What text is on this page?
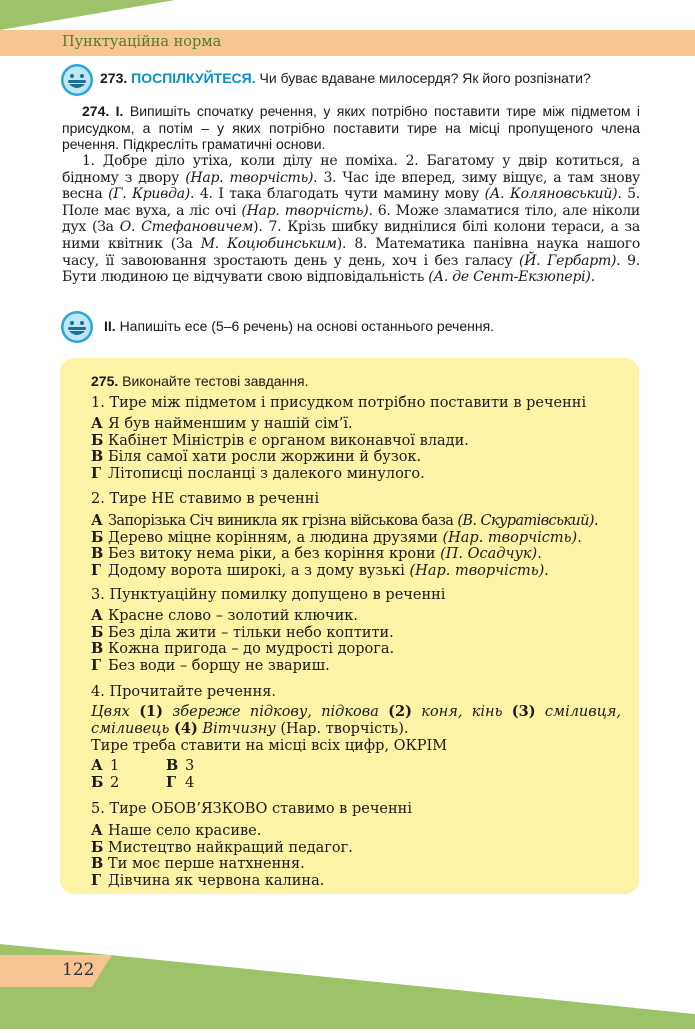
Пунктуаційна норма
273. ПОСПІЛКУЙТЕСЯ. Чи буває вдаване милосердя? Як його розпізнати?
274. I. Випишіть спочатку речення, у яких потрібно поставити тире між підметом і присудком, а потім – у яких потрібно поставити тире на місці пропущеного члена речення. Підкресліть граматичні основи.
1. Добре діло утіха, коли ділу не поміха. 2. Багатому у двір котиться, а бідному з двору (Нар. творчість). 3. Час іде вперед, зиму віщує, а там знову весна (Г. Кривда). 4. І така благодать чути мамину мову (А. Коляновський). 5. Поле має вуха, а ліс очі (Нар. творчість). 6. Може зламатися тіло, але ніколи дух (За О. Стефановичем). 7. Крізь шибку виднілися білі колони тераси, а за ними квітник (За М. Коцюбинським). 8. Математика панівна наука нашого часу, її завоювання зростають день у день, хоч і без галасу (Й. Гербарт). 9. Бути людиною це відчувати свою відповідальність (А. де Сент-Екзюпері).
II. Напишіть есе (5–6 речень) на основі останнього речення.
275. Виконайте тестові завдання.
1. Тире між підметом і присудком потрібно поставити в реченні
А Я був найменшим у нашій сім’ї.
Б Кабінет Міністрів є органом виконавчої влади.
В Біля самої хати росли жоржини й бузок.
Г Літописці посланці з далекого минулого.
2. Тире НЕ ставимо в реченні
А Запорізька Січ виникла як грізна військова база (В. Скуратівський).
Б Дерево міцне корінням, а людина друзями (Нар. творчість).
В Без витоку нема ріки, а без коріння крони (П. Осадчук).
Г Додому ворота широкі, а з дому вузькі (Нар. творчість).
3. Пунктуаційну помилку допущено в реченні
А Красне слово – золотий ключик.
Б Без діла жити – тільки небо коптити.
В Кожна пригода – до мудрості дорога.
Г Без води – борщу не звариш.
4. Прочитайте речення.
Цвях (1) збереже підкову, підкова (2) коня, кінь (3) сміливця, сміливець (4) Вітчизну (Нар. творчість).
Тире треба ставити на місці всіх цифр, ОКРІМ
А 1	В 3
Б 2	Г 4
5. Тире ОБОВ’ЯЗКОВО ставимо в реченні
А Наше село красиве.
Б Мистецтво найкращий педагог.
В Ти моє перше натхнення.
Г Дівчина як червона калина.
122
